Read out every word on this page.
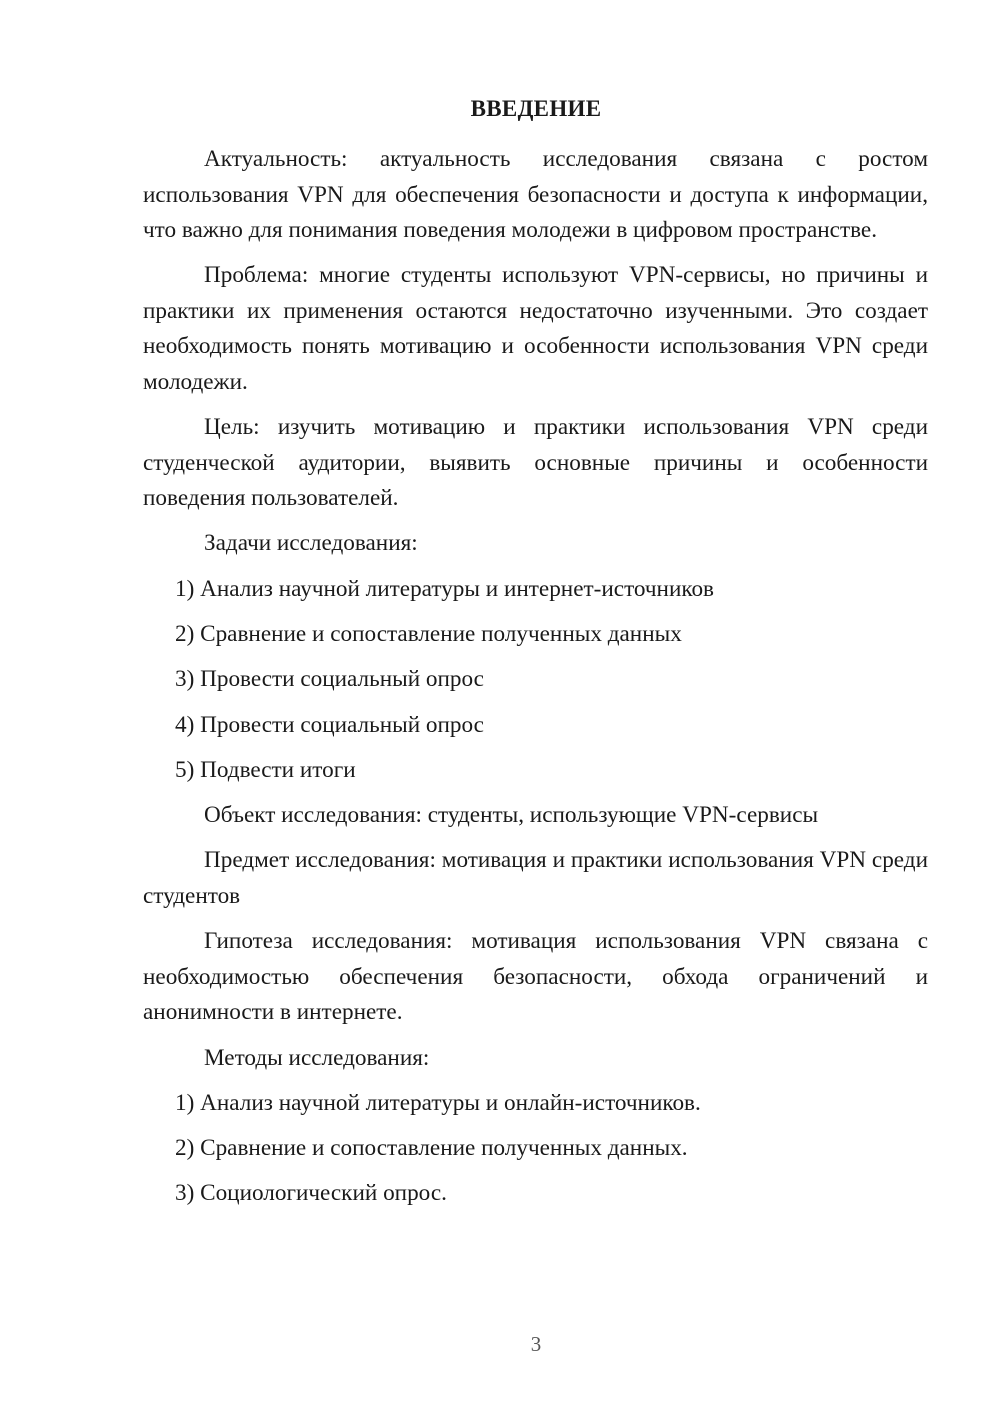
ВВЕДЕНИЕ

Актуальность: актуальность исследования связана с ростом использования VPN для обеспечения безопасности и доступа к информации, что важно для понимания поведения молодежи в цифровом пространстве.

Проблема: многие студенты используют VPN-сервисы, но причины и практики их применения остаются недостаточно изученными. Это создает необходимость понять мотивацию и особенности использования VPN среди молодежи.

Цель: изучить мотивацию и практики использования VPN среди студенческой аудитории, выявить основные причины и особенности поведения пользователей.

Задачи исследования:

1) Анализ научной литературы и интернет-источников

2) Сравнение и сопоставление полученных данных

3) Провести социальный опрос

4) Провести социальный опрос

5) Подвести итоги

Объект исследования: студенты, использующие VPN-сервисы

Предмет исследования: мотивация и практики использования VPN среди студентов

Гипотеза исследования: мотивация использования VPN связана с необходимостью обеспечения безопасности, обхода ограничений и анонимности в интернете.

Методы исследования:

1) Анализ научной литературы и онлайн-источников.

2) Сравнение и сопоставление полученных данных.

3) Социологический опрос.

3
